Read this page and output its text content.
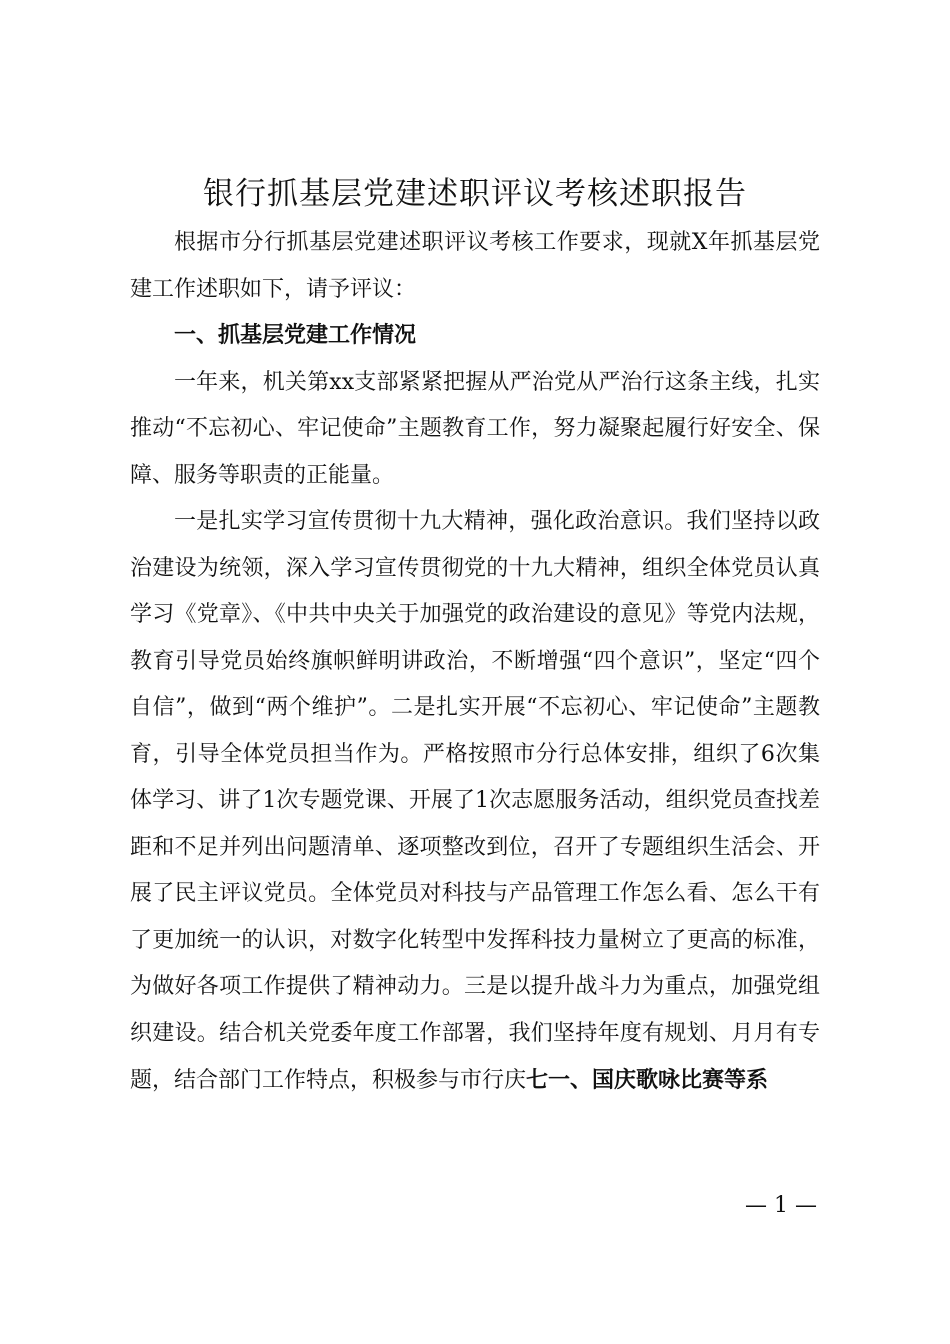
银行抓基层党建述职评议考核述职报告

根据市分行抓基层党建述职评议考核工作要求，现就X年抓基层党建工作述职如下，请予评议：

一、抓基层党建工作情况

一年来，机关第xx支部紧紧把握从严治党从严治行这条主线，扎实推动“不忘初心、牢记使命”主题教育工作，努力凝聚起履行好安全、保障、服务等职责的正能量。

一是扎实学习宣传贯彻十九大精神，强化政治意识。我们坚持以政治建设为统领，深入学习宣传贯彻党的十九大精神，组织全体党员认真学习《党章》、《中共中央关于加强党的政治建设的意见》等党内法规，教育引导党员始终旗帜鲜明讲政治，不断增强“四个意识”，坚定“四个自信”，做到“两个维护”。二是扎实开展“不忘初心、牢记使命”主题教育，引导全体党员担当作为。严格按照市分行总体安排，组织了6次集体学习、讲了1次专题党课、开展了1次志愿服务活动，组织党员查找差距和不足并列出问题清单、逐项整改到位，召开了专题组织生活会、开展了民主评议党员。全体党员对科技与产品管理工作怎么看、怎么干有了更加统一的认识，对数字化转型中发挥科技力量树立了更高的标准，为做好各项工作提供了精神动力。三是以提升战斗力为重点，加强党组织建设。结合机关党委年度工作部署，我们坚持年度有规划、月月有专题，结合部门工作特点，积极参与市行庆七一、国庆歌咏比赛等系

— 1 —
